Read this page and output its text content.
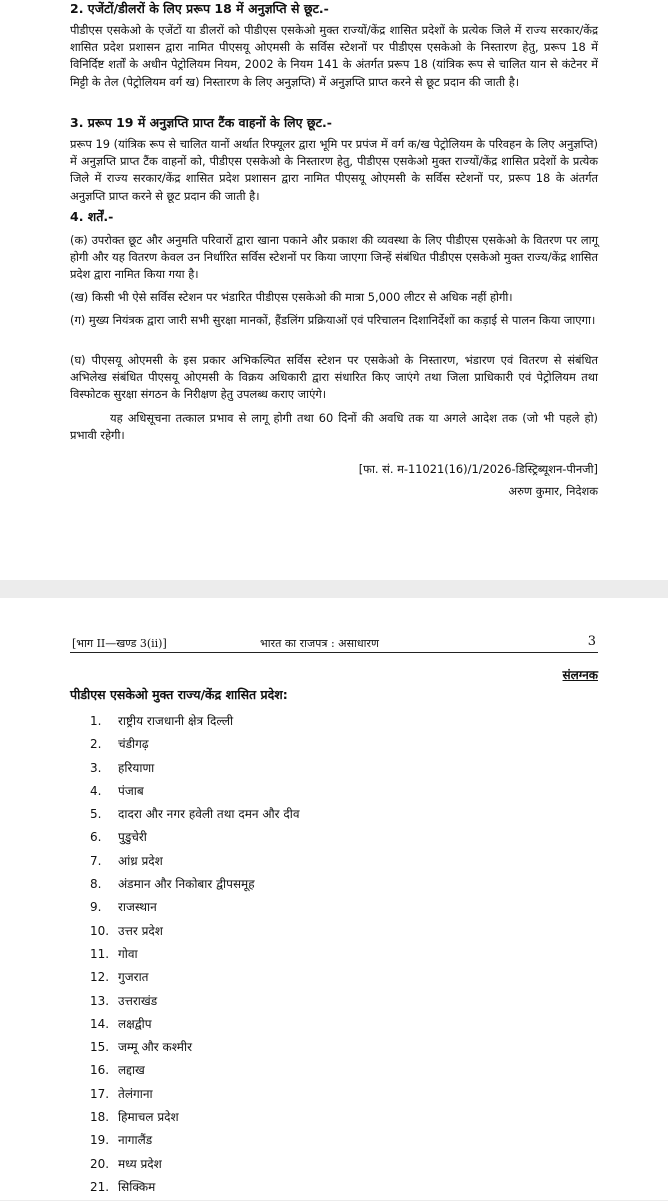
2. एजेंटों/डीलरों के लिए प्ररूप 18 में अनुज्ञप्ति से छूट.-

पीडीएस एसकेओ के एजेंटों या डीलरों को पीडीएस एसकेओ मुक्त राज्यों/केंद्र शासित प्रदेशों के प्रत्येक जिले में राज्य सरकार/केंद्र शासित प्रदेश प्रशासन द्वारा नामित पीएसयू ओएमसी के सर्विस स्टेशनों पर पीडीएस एसकेओ के निस्तारण हेतु, प्ररूप 18 में विनिर्दिष्ट शर्तों के अधीन पेट्रोलियम नियम, 2002 के नियम 141 के अंतर्गत प्ररूप 18 (यांत्रिक रूप से चालित यान से कंटेनर में मिट्टी के तेल (पेट्रोलियम वर्ग ख) निस्तारण के लिए अनुज्ञप्ति) में अनुज्ञप्ति प्राप्त करने से छूट प्रदान की जाती है।

3. प्ररूप 19 में अनुज्ञप्ति प्राप्त टैंक वाहनों के लिए छूट.-

प्ररूप 19 (यांत्रिक रूप से चालित यानों अर्थात रिफ्यूलर द्वारा भूमि पर प्रपंज में वर्ग क/ख पेट्रोलियम के परिवहन के लिए अनुज्ञप्ति) में अनुज्ञप्ति प्राप्त टैंक वाहनों को, पीडीएस एसकेओ के निस्तारण हेतु, पीडीएस एसकेओ मुक्त राज्यों/केंद्र शासित प्रदेशों के प्रत्येक जिले में राज्य सरकार/केंद्र शासित प्रदेश प्रशासन द्वारा नामित पीएसयू ओएमसी के सर्विस स्टेशनों पर, प्ररूप 18 के अंतर्गत अनुज्ञप्ति प्राप्त करने से छूट प्रदान की जाती है।

4. शर्तें.-

(क) उपरोक्त छूट और अनुमति परिवारों द्वारा खाना पकाने और प्रकाश की व्यवस्था के लिए पीडीएस एसकेओ के वितरण पर लागू होगी और यह वितरण केवल उन निर्धारित सर्विस स्टेशनों पर किया जाएगा जिन्हें संबंधित पीडीएस एसकेओ मुक्त राज्य/केंद्र शासित प्रदेश द्वारा नामित किया गया है।

(ख) किसी भी ऐसे सर्विस स्टेशन पर भंडारित पीडीएस एसकेओ की मात्रा 5,000 लीटर से अधिक नहीं होगी।

(ग) मुख्य नियंत्रक द्वारा जारी सभी सुरक्षा मानकों, हैंडलिंग प्रक्रियाओं एवं परिचालन दिशानिर्देशों का कड़ाई से पालन किया जाएगा।

(घ) पीएसयू ओएमसी के इस प्रकार अभिकल्पित सर्विस स्टेशन पर एसकेओ के निस्तारण, भंडारण एवं वितरण से संबंधित अभिलेख संबंधित पीएसयू ओएमसी के विक्रय अधिकारी द्वारा संधारित किए जाएंगे तथा जिला प्राधिकारी एवं पेट्रोलियम तथा विस्फोटक सुरक्षा संगठन के निरीक्षण हेतु उपलब्ध कराए जाएंगे।

यह अधिसूचना तत्काल प्रभाव से लागू होगी तथा 60 दिनों की अवधि तक या अगले आदेश तक (जो भी पहले हो) प्रभावी रहेगी।

[फा. सं. म-11021(16)/1/2026-डिस्ट्रिब्यूशन-पीनजी]

अरुण कुमार, निदेशक

[भाग II—खण्ड 3(ii)]	भारत का राजपत्र : असाधारण	3
संलग्नक
पीडीएस एसकेओ मुक्त राज्य/केंद्र शासित प्रदेश:
1. राष्ट्रीय राजधानी क्षेत्र दिल्ली
2. चंडीगढ़
3. हरियाणा
4. पंजाब
5. दादरा और नगर हवेली तथा दमन और दीव
6. पुडुचेरी
7. आंध्र प्रदेश
8. अंडमान और निकोबार द्वीपसमूह
9. राजस्थान
10. उत्तर प्रदेश
11. गोवा
12. गुजरात
13. उत्तराखंड
14. लक्षद्वीप
15. जम्मू और कश्मीर
16. लद्दाख
17. तेलंगाना
18. हिमाचल प्रदेश
19. नागालैंड
20. मध्य प्रदेश
21. सिक्किम
